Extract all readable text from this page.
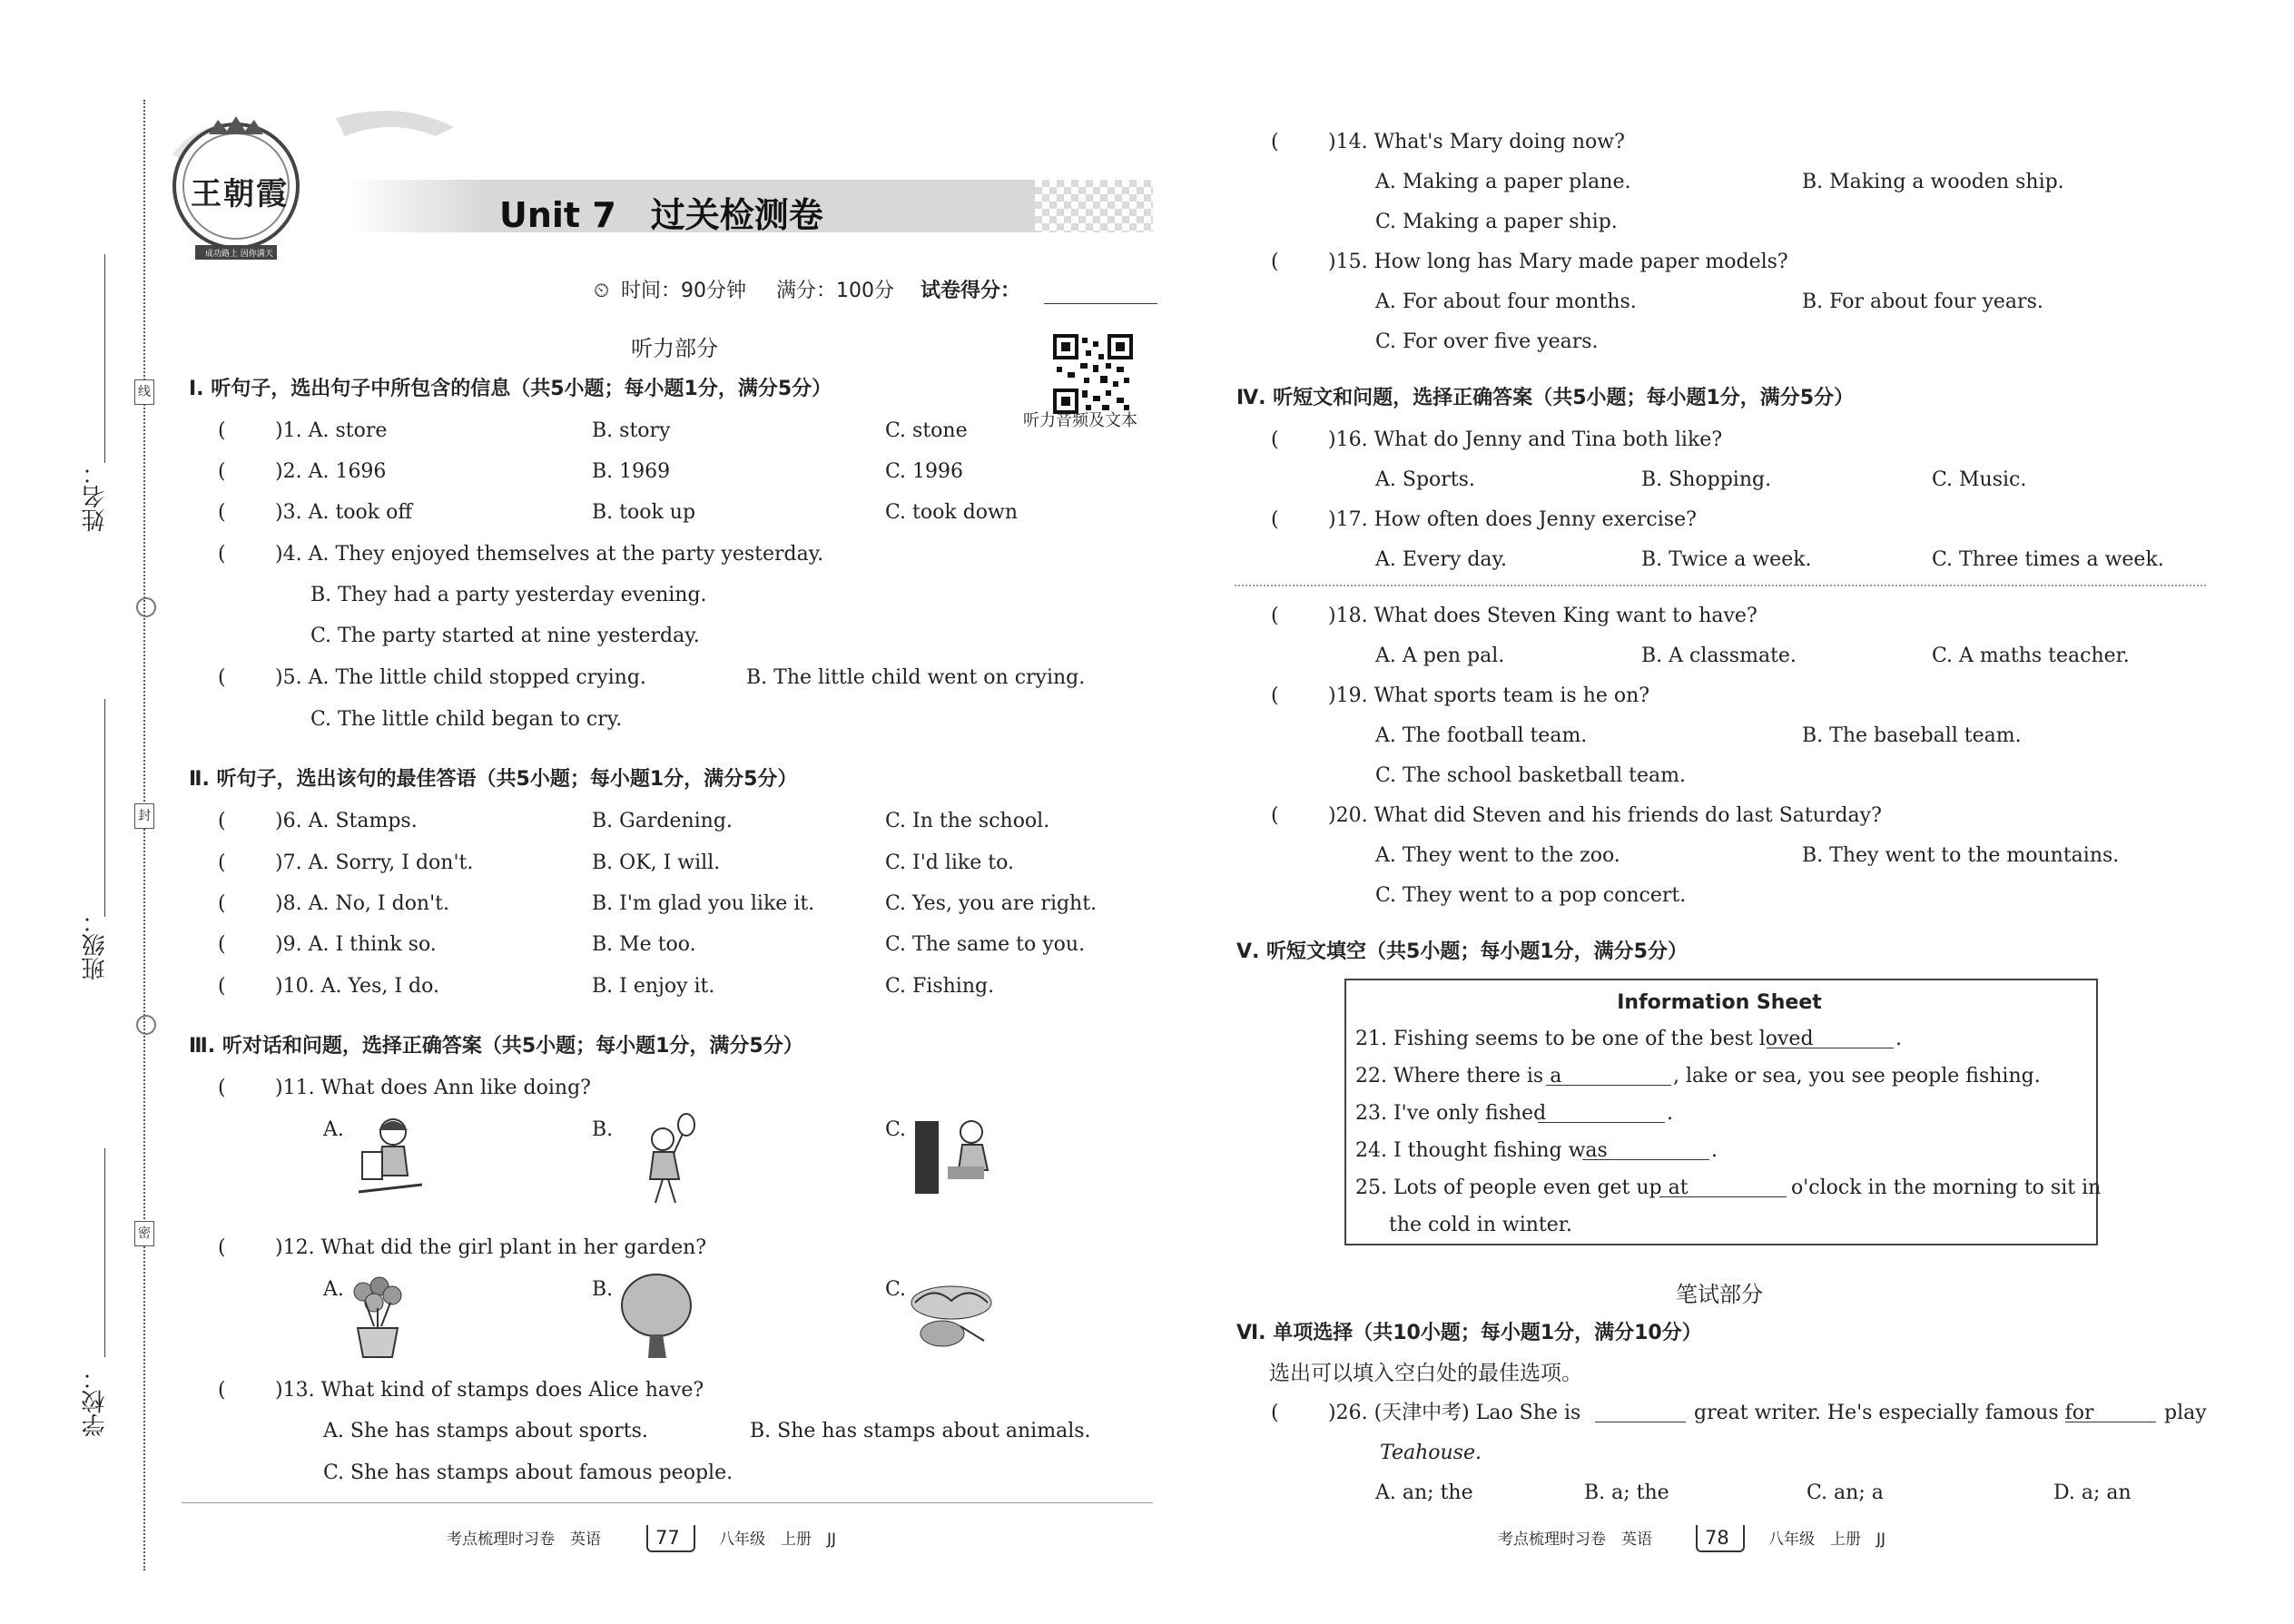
线
封
密
姓名：
班级：
学校：
王朝霞
成功路上 因你满天
Unit 7　过关检测卷
⏲ 时间：90分钟 满分：100分 试卷得分：
听力部分
听力音频及文本
Ⅰ. 听句子，选出句子中所包含的信息（共5小题；每小题1分，满分5分）
( )1. A. store	B. story	C. stone
( )2. A. 1696	B. 1969	C. 1996
( )3. A. took off	B. took up	C. took down
( )4. A. They enjoyed themselves at the party yesterday.
B. They had a party yesterday evening.
C. The party started at nine yesterday.
( )5. A. The little child stopped crying.	B. The little child went on crying.
C. The little child began to cry.
Ⅱ. 听句子，选出该句的最佳答语（共5小题；每小题1分，满分5分）
( )6. A. Stamps.	B. Gardening.	C. In the school.
( )7. A. Sorry, I don't.	B. OK, I will.	C. I'd like to.
( )8. A. No, I don't.	B. I'm glad you like it.	C. Yes, you are right.
( )9. A. I think so.	B. Me too.	C. The same to you.
( )10. A. Yes, I do.	B. I enjoy it.	C. Fishing.
Ⅲ. 听对话和问题，选择正确答案（共5小题；每小题1分，满分5分）
( )11. What does Ann like doing?
A.	B.	C.
( )12. What did the girl plant in her garden?
A.	B.	C.
( )13. What kind of stamps does Alice have?
A. She has stamps about sports.	B. She has stamps about animals.
C. She has stamps about famous people.
考点梳理时习卷　英语	77	八年级　上册　JJ
( )14. What's Mary doing now?
A. Making a paper plane.	B. Making a wooden ship.
C. Making a paper ship.
( )15. How long has Mary made paper models?
A. For about four months.	B. For about four years.
C. For over five years.
Ⅳ. 听短文和问题，选择正确答案（共5小题；每小题1分，满分5分）
( )16. What do Jenny and Tina both like?
A. Sports.	B. Shopping.	C. Music.
( )17. How often does Jenny exercise?
A. Every day.	B. Twice a week.	C. Three times a week.
( )18. What does Steven King want to have?
A. A pen pal.	B. A classmate.	C. A maths teacher.
( )19. What sports team is he on?
A. The football team.	B. The baseball team.
C. The school basketball team.
( )20. What did Steven and his friends do last Saturday?
A. They went to the zoo.	B. They went to the mountains.
C. They went to a pop concert.
Ⅴ. 听短文填空（共5小题；每小题1分，满分5分）
Information Sheet
21. Fishing seems to be one of the best loved	.
22. Where there is a	, lake or sea, you see people fishing.
23. I've only fished	.
24. I thought fishing was	.
25. Lots of people even get up at	o'clock in the morning to sit in
the cold in winter.
笔试部分
Ⅵ. 单项选择（共10小题；每小题1分，满分10分）
选出可以填入空白处的最佳选项。
( )26. (天津中考) Lao She is	great writer. He's especially famous for	play
Teahouse.
A. an; the	B. a; the	C. an; a	D. a; an
考点梳理时习卷　英语	78	八年级　上册　JJ
